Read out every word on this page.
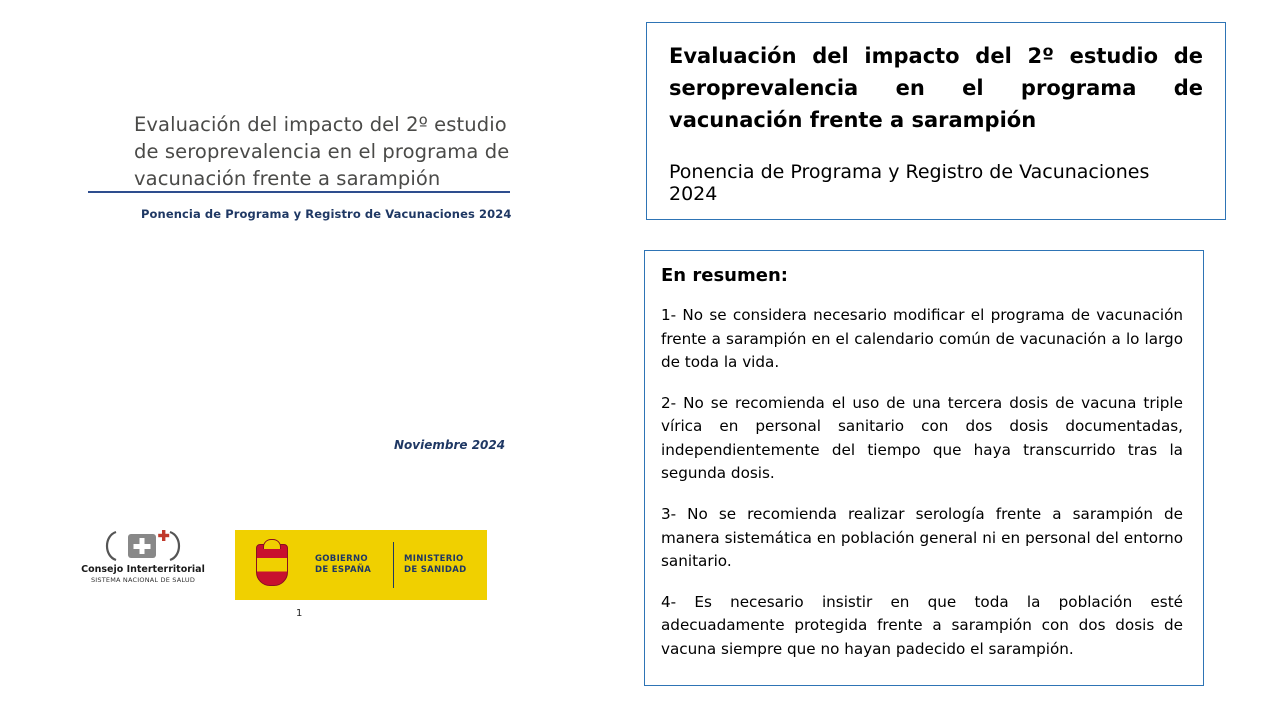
Evaluación del impacto del 2º estudio de seroprevalencia en el programa de vacunación frente a sarampión
Ponencia de Programa y Registro de Vacunaciones 2024
Noviembre 2024
Consejo Interterritorial
SISTEMA NACIONAL DE SALUD
GOBIERNO
DE ESPAÑA
MINISTERIO
DE SANIDAD
1
Evaluación del impacto del 2º estudio de seroprevalencia en el programa de vacunación frente a sarampión
Ponencia de Programa y Registro de Vacunaciones 2024
En resumen:
1- No se considera necesario modificar el programa de vacunación frente a sarampión en el calendario común de vacunación a lo largo de toda la vida.
2- No se recomienda el uso de una tercera dosis de vacuna triple vírica en personal sanitario con dos dosis documentadas, independientemente del tiempo que haya transcurrido tras la segunda dosis.
3- No se recomienda realizar serología frente a sarampión de manera sistemática en población general ni en personal del entorno sanitario.
4- Es necesario insistir en que toda la población esté adecuadamente protegida frente a sarampión con dos dosis de vacuna siempre que no hayan padecido el sarampión.
